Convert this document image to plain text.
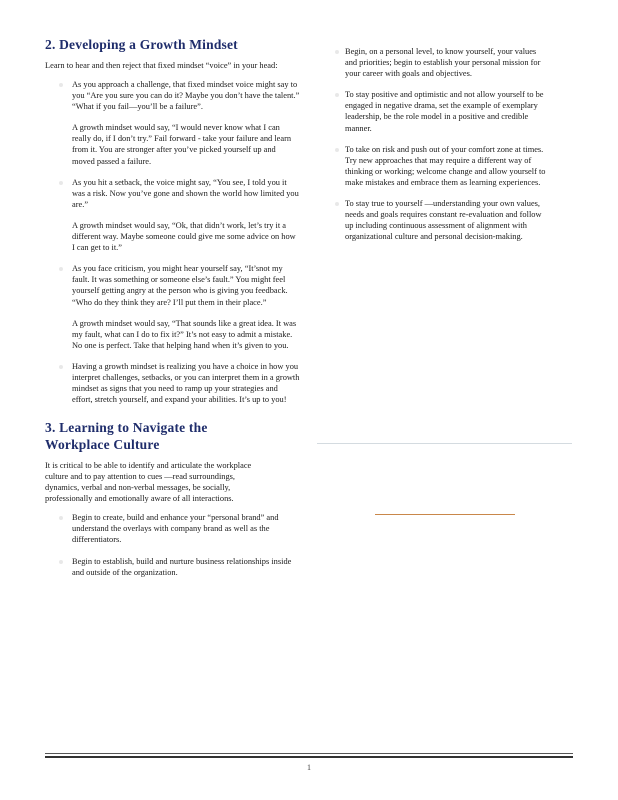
2. Developing a Growth Mindset

Learn to hear and then reject that fixed mindset “voice” in your head:

As you approach a challenge, that fixed mindset voice might say to you “Are you sure you can do it? Maybe you don’t have the talent.” “What if you fail—you’ll be a failure”.
A growth mindset would say, “I would never know what I can really do, if I don’t try.” Fail forward - take your failure and learn from it. You are stronger after you’ve picked yourself up and moved passed a failure.
As you hit a setback, the voice might say, “You see, I told you it was a risk. Now you’ve gone and shown the world how limited you are.”
A growth mindset would say, “Ok, that didn’t work, let’s try it a different way. Maybe someone could give me some advice on how I can get to it.”
As you face criticism, you might hear yourself say, “It’snot my fault. It was something or someone else’s fault.” You might feel yourself getting angry at the person who is giving you feedback. “Who do they think they are? I’ll put them in their place.”
A growth mindset would say, “That sounds like a great idea. It was my fault, what can I do to fix it?” It’s not easy to admit a mistake. No one is perfect. Take that helping hand when it’s given to you.
Having a growth mindset is realizing you have a choice in how you interpret challenges, setbacks, or you can interpret them in a growth mindset as signs that you need to ramp up your strategies and effort, stretch yourself, and expand your abilities. It’s up to you!
3. Learning to Navigate the Workplace Culture

It is critical to be able to identify and articulate the workplace culture and to pay attention to cues —read surroundings, dynamics, verbal and non-verbal messages, be socially, professionally and emotionally aware of all interactions.

Begin to create, build and enhance your “personal brand” and understand the overlays with company brand as well as the differentiators.
Begin to establish, build and nurture business relationships inside and outside of the organization.
Begin, on a personal level, to know yourself, your values and priorities; begin to establish your personal mission for your career with goals and objectives.
To stay positive and optimistic and not allow yourself to be engaged in negative drama, set the example of exemplary leadership, be the role model in a positive and credible manner.
To take on risk and push out of your comfort zone at times. Try new approaches that may require a different way of thinking or working; welcome change and allow yourself to make mistakes and embrace them as learning experiences.
To stay true to yourself —understanding your own values, needs and goals requires constant re-evaluation and follow up including continuous assessment of alignment with organizational culture and personal decision-making.
1
